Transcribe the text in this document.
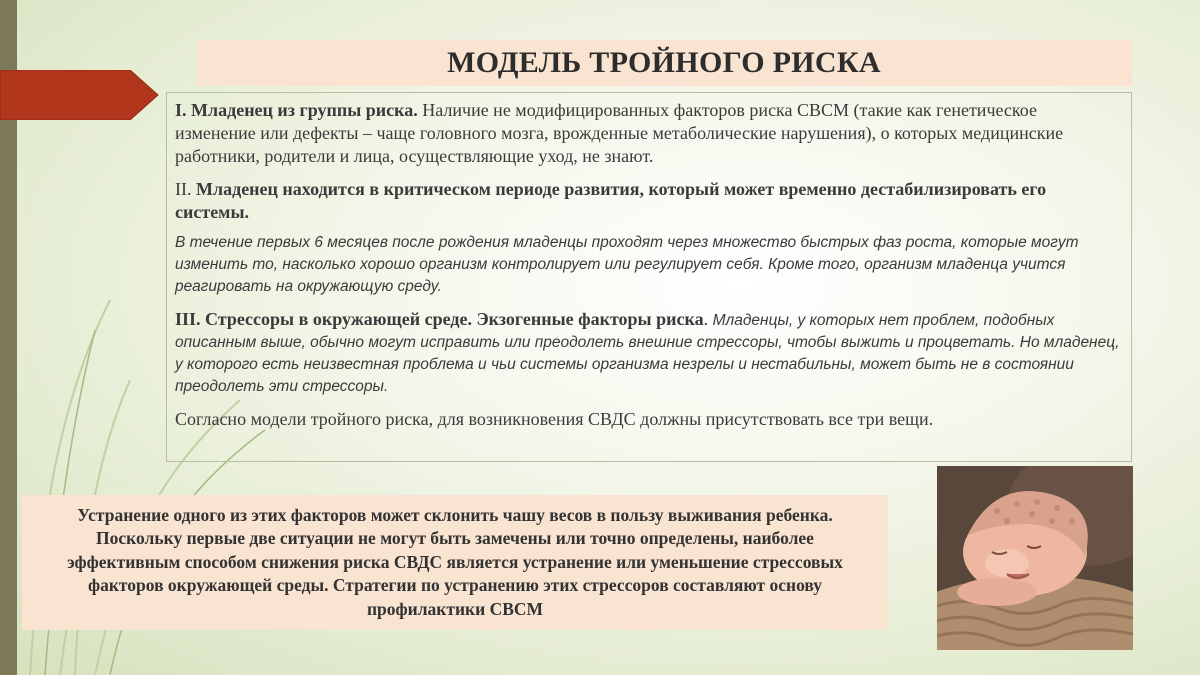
МОДЕЛЬ ТРОЙНОГО РИСКА

I. Младенец из группы риска. Наличие не модифицированных факторов риска СВСМ (такие как генетическое изменение или дефекты – чаще головного мозга, врожденные метаболические нарушения), о которых медицинские работники, родители и лица, осуществляющие уход, не знают.

II. Младенец находится в критическом периоде развития, который может временно дестабилизировать его системы.

В течение первых 6 месяцев после рождения младенцы проходят через множество быстрых фаз роста, которые могут изменить то, насколько хорошо организм контролирует или регулирует себя. Кроме того, организм младенца учится реагировать на окружающую среду.

III. Стрессоры в окружающей среде. Экзогенные факторы риска. Младенцы, у которых нет проблем, подобных описанным выше, обычно могут исправить или преодолеть внешние стрессоры, чтобы выжить и процветать. Но младенец, у которого есть неизвестная проблема и чьи системы организма незрелы и нестабильны, может быть не в состоянии преодолеть эти стрессоры.

Согласно модели тройного риска, для возникновения СВДС должны присутствовать все три вещи.

Устранение одного из этих факторов может склонить чашу весов в пользу выживания ребенка. Поскольку первые две ситуации не могут быть замечены или точно определены, наиболее эффективным способом снижения риска СВДС является устранение или уменьшение стрессовых факторов окружающей среды. Стратегии по устранению этих стрессоров составляют основу профилактики СВСМ
